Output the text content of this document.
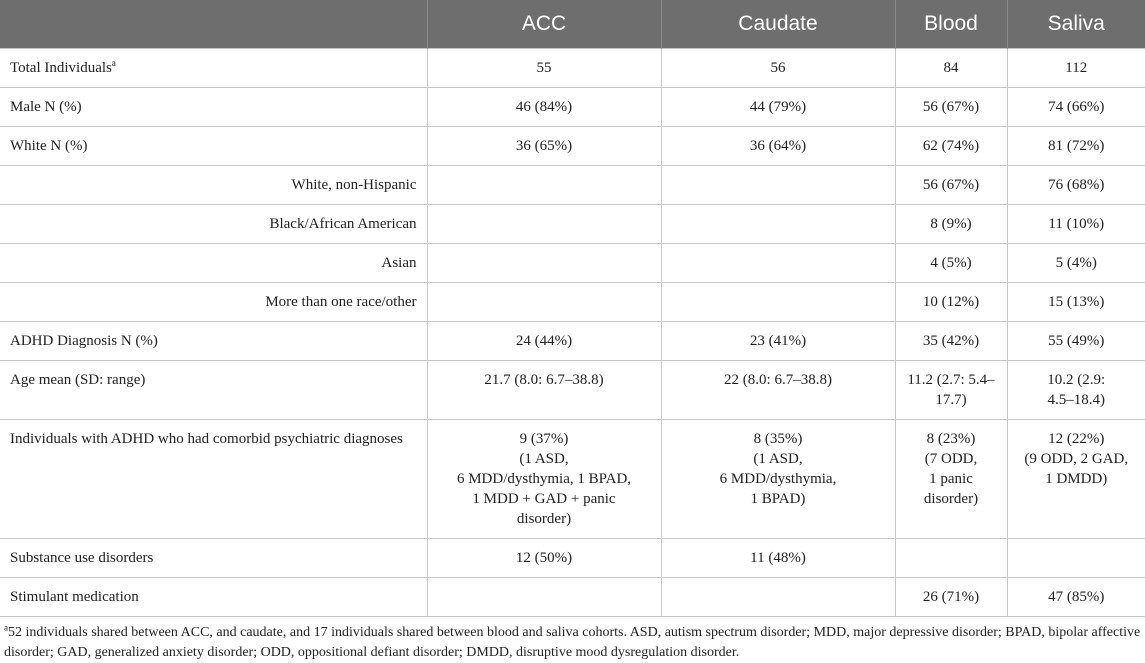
	ACC	Caudate	Blood	Saliva
Total Individuals$^a$	55	56	84	112
Male N (%)	46 (84%)	44 (79%)	56 (67%)	74 (66%)
White N (%)	36 (65%)	36 (64%)	62 (74%)	81 (72%)
White, non-Hispanic			56 (67%)	76 (68%)
Black/African American			8 (9%)	11 (10%)
Asian			4 (5%)	5 (4%)
More than one race/other			10 (12%)	15 (13%)
ADHD Diagnosis N (%)	24 (44%)	23 (41%)	35 (42%)	55 (49%)
Age mean (SD: range)	21.7 (8.0: 6.7–38.8)	22 (8.0: 6.7–38.8)	11.2 (2.7: 5.4–17.7)	10.2 (2.9:
4.5–18.4)
Individuals with ADHD who had comorbid psychiatric diagnoses	9 (37%)
(1 ASD,
6 MDD/dysthymia, 1 BPAD,
1 MDD + GAD + panic
disorder)	8 (35%)
(1 ASD,
6 MDD/dysthymia,
1 BPAD)	8 (23%)
(7 ODD,
1 panic disorder)	12 (22%)
(9 ODD, 2 GAD,
1 DMDD)
Substance use disorders	12 (50%)	11 (48%)		
Stimulant medication			26 (71%)	47 (85%)
$^a$52 individuals shared between ACC, and caudate, and 17 individuals shared between blood and saliva cohorts. ASD, autism spectrum disorder; MDD, major depressive disorder; BPAD, bipolar affective disorder; GAD, generalized anxiety disorder; ODD, oppositional defiant disorder; DMDD, disruptive mood dysregulation disorder.
